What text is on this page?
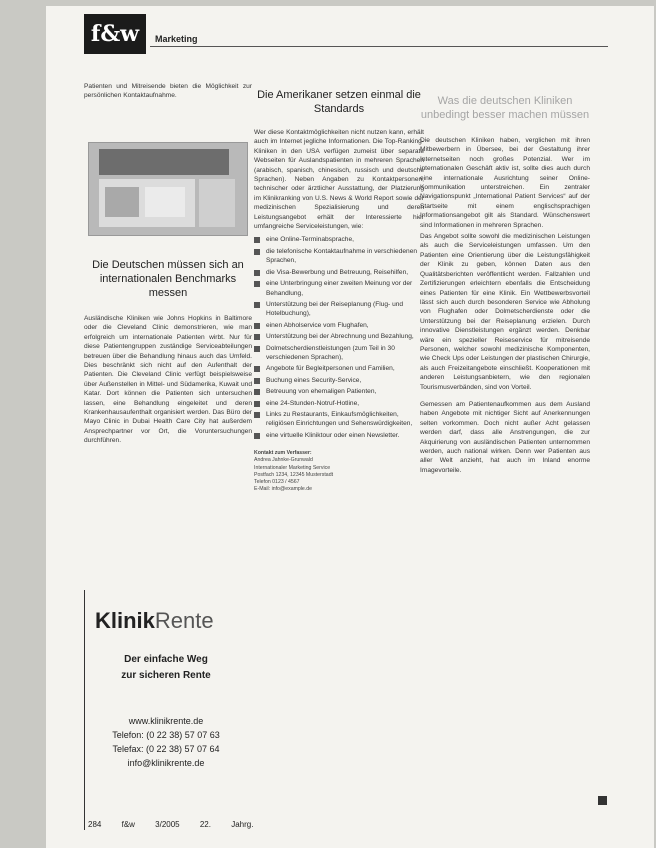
f&w	Marketing

Patienten und Mitreisende bieten die Möglichkeit zur persönlichen Kontaktaufnahme.

Die Deutschen müssen sich an internationalen Benchmarks messen

Ausländische Kliniken wie Johns Hopkins in Baltimore oder die Cleveland Clinic demonstrieren, wie man erfolgreich um internationale Patienten wirbt. Nur für diese Patientengruppen zuständige Serviceabteilungen betreuen über die Behandlung hinaus auch das Umfeld. Dies beschränkt sich nicht auf den Aufenthalt der Patienten. Die Cleveland Clinic verfügt beispielsweise über Außenstellen in Mittel- und Südamerika, Kuwait und Katar. Dort können die Patienten sich untersuchen lassen, eine Behandlung eingeleitet und deren Krankenhausaufenthalt organisiert werden. Das Büro der Mayo Clinic in Dubai Health Care City hat außerdem Ansprechpartner vor Ort, die Voruntersuchungen durchführen.

KlinikRente
Der einfache Weg
zur sicheren Rente
www.klinikrente.de
Telefon: (0 22 38) 57 07 63
Telefax: (0 22 38) 57 07 64
info@klinikrente.de

Die Amerikaner setzen einmal die Standards

Wer diese Kontaktmöglichkeiten nicht nutzen kann, erhält auch im Internet jegliche Informationen. Die Top-Ranking-Kliniken in den USA verfügen zumeist über separate Webseiten für Auslandspatienten in mehreren Sprachen (arabisch, spanisch, chinesisch, russisch und deutsche Sprachen). Neben Angaben zu Kontaktpersonen, technischer oder ärztlicher Ausstattung, der Platzierung im Klinikranking von U.S. News & World Report sowie der medizinischen Spezialisierung und deren Leistungsangebot erhält der Interessierte hier umfangreiche Serviceleistungen, wie:

eine Online-Terminabsprache,
die telefonische Kontaktaufnahme in verschiedenen Sprachen,
die Visa-Bewerbung und Betreuung, Reisehilfen,
eine Unterbringung einer zweiten Meinung vor der Behandlung,
Unterstützung bei der Reiseplanung (Flug- und Hotelbuchung),
einen Abholservice vom Flughafen,
Unterstützung bei der Abrechnung und Bezahlung,
Dolmetscherdienstleistungen (zum Teil in 30 verschiedenen Sprachen),
Angebote für Begleitpersonen und Familien,
Buchung eines Security-Service,
Betreuung von ehemaligen Patienten,
eine 24-Stunden-Notruf-Hotline,
Links zu Restaurants, Einkaufsmöglichkeiten, religiösen Einrichtungen und Sehenswürdigkeiten,
eine virtuelle Kliniktour oder einen Newsletter.
Kontakt zum Verfasser:
Andrea Jahnke-Grunwald
Internationaler Marketing Service
Postfach 1234, 12345 Musterstadt
Telefon 0123 / 4567
E-Mail: info@example.de

Was die deutschen Kliniken unbedingt besser machen müssen

Die deutschen Kliniken haben, verglichen mit ihren Mitbewerbern in Übersee, bei der Gestaltung ihrer Internetseiten noch großes Potenzial. Wer im internationalen Geschäft aktiv ist, sollte dies auch durch eine internationale Ausrichtung seiner Online-Kommunikation unterstreichen. Ein zentraler Navigationspunkt „International Patient Services“ auf der Startseite mit einem englischsprachigen Informationsangebot gilt als Standard. Wünschenswert sind Informationen in mehreren Sprachen.

Das Angebot sollte sowohl die medizinischen Leistungen als auch die Serviceleistungen umfassen. Um den Patienten eine Orientierung über die Leistungsfähigkeit der Klinik zu geben, können Daten aus den Qualitätsberichten veröffentlicht werden. Fallzahlen und Zertifizierungen erleichtern ebenfalls die Entscheidung eines Patienten für eine Klinik. Ein Wettbewerbsvorteil lässt sich auch durch besonderen Service wie Abholung von Flughafen oder Dolmetscherdienste oder die Unterstützung bei der Reiseplanung erzielen. Durch innovative Dienstleistungen ergänzt werden. Denkbar wäre ein spezieller Reiseservice für mitreisende Personen, welcher sowohl medizinische Komponenten, wie Check Ups oder Leistungen der plastischen Chirurgie, als auch Freizeitangebote einschließt. Kooperationen mit anderen Leistungsanbietern, wie den regionalen Tourismusverbänden, sind von Vorteil.

Gemessen am Patientenaufkommen aus dem Ausland haben Angebote mit nichtiger Sicht auf Anerkennungen selten vorkommen. Doch nicht außer Acht gelassen werden darf, dass alle Anstrengungen, die zur Akquirierung von ausländischen Patienten unternommen werden, auch national wirken. Denn wer Patienten aus aller Welt anzieht, hat auch im Inland enorme Imagevorteile.

284	f&w 3/2005 22. Jahrg.
